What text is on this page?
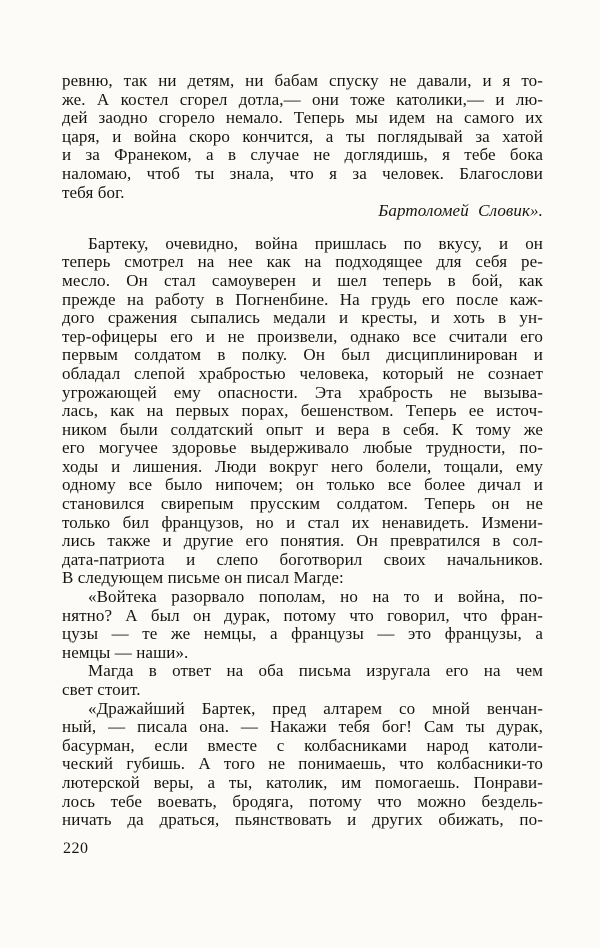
ревню, так ни детям, ни бабам спуску не давали, и я то-
же. А костел сгорел дотла,— они тоже католики,— и лю-
дей заодно сгорело немало. Теперь мы идем на самого их
царя, и война скоро кончится, а ты поглядывай за хатой
и за Франеком, а в случае не доглядишь, я тебе бока
наломаю, чтоб ты знала, что я за человек. Благослови
тебя бог.
Бартоломей Словик».
Бартеку, очевидно, война пришлась по вкусу, и он
теперь смотрел на нее как на подходящее для себя ре-
месло. Он стал самоуверен и шел теперь в бой, как
прежде на работу в Погненбине. На грудь его после каж-
дого сражения сыпались медали и кресты, и хоть в ун-
тер-офицеры его и не произвели, однако все считали его
первым солдатом в полку. Он был дисциплинирован и
обладал слепой храбростью человека, который не сознает
угрожающей ему опасности. Эта храбрость не вызыва-
лась, как на первых порах, бешенством. Теперь ее источ-
ником были солдатский опыт и вера в себя. К тому же
его могучее здоровье выдерживало любые трудности, по-
ходы и лишения. Люди вокруг него болели, тощали, ему
одному все было нипочем; он только все более дичал и
становился свирепым прусским солдатом. Теперь он не
только бил французов, но и стал их ненавидеть. Измени-
лись также и другие его понятия. Он превратился в сол-
дата-патриота и слепо боготворил своих начальников.
В следующем письме он писал Магде:
«Войтека разорвало пополам, но на то и война, по-
нятно? А был он дурак, потому что говорил, что фран-
цузы — те же немцы, а французы — это французы, а
немцы — наши».
Магда в ответ на оба письма изругала его на чем
свет стоит.
«Дражайший Бартек, пред алтарем со мной венчан-
ный, — писала она. — Накажи тебя бог! Сам ты дурак,
басурман, если вместе с колбасниками народ католи-
ческий губишь. А того не понимаешь, что колбасники-то
лютерской веры, а ты, католик, им помогаешь. Понрави-
лось тебе воевать, бродяга, потому что можно бездель-
ничать да драться, пьянствовать и других обижать, по-
220
